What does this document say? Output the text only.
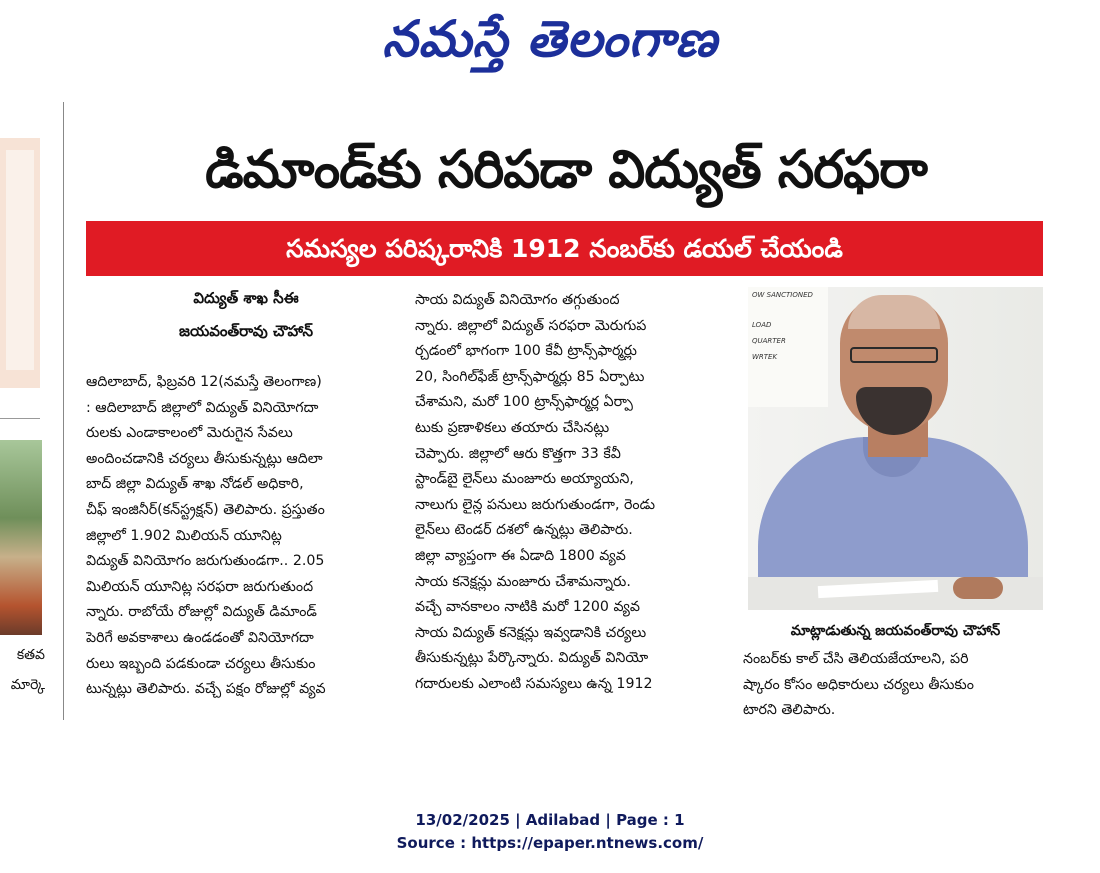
నమస్తే తెలంగాణ
కతవ
మార్కె
డిమాండ్‌కు సరిపడా విద్యుత్ సరఫరా
సమస్యల పరిష్కరానికి 1912 నంబర్‌కు డయల్ చేయండి
విద్యుత్ శాఖ సీఈ
జయవంత్‌రావు చౌహాన్
ఆదిలాబాద్, ఫిబ్రవరి 12(నమస్తే తెలంగాణ)
: ఆదిలాబాద్ జిల్లాలో విద్యుత్ వినియోగదా
రులకు ఎండాకాలంలో మెరుగైన సేవలు
అందించడానికి చర్యలు తీసుకున్నట్లు ఆదిలా
బాద్ జిల్లా విద్యుత్ శాఖ నోడల్ అధికారి,
చీఫ్ ఇంజినీర్(కన్‌స్ట్రక్షన్) తెలిపారు. ప్రస్తుతం
జిల్లాలో 1.902 మిలియన్ యూనిట్ల
విద్యుత్ వినియోగం జరుగుతుండగా.. 2.05
మిలియన్ యూనిట్ల సరఫరా జరుగుతుంద
న్నారు. రాబోయే రోజుల్లో విద్యుత్ డిమాండ్
పెరిగే అవకాశాలు ఉండడంతో వినియోగదా
రులు ఇబ్బంది పడకుండా చర్యలు తీసుకుం
టున్నట్లు తెలిపారు. వచ్చే పక్షం రోజుల్లో వ్యవ
సాయ విద్యుత్ వినియోగం తగ్గుతుంద
న్నారు. జిల్లాలో విద్యుత్ సరఫరా మెరుగుప
ర్చడంలో భాగంగా 100 కేవీ ట్రాన్స్‌ఫార్మర్లు
20, సింగిల్‌ఫేజ్ ట్రాన్స్‌ఫార్మర్లు 85 ఏర్పాటు
చేశామని, మరో 100 ట్రాన్స్‌ఫార్మర్ల ఏర్పా
టుకు ప్రణాళికలు తయారు చేసినట్లు
చెప్పారు. జిల్లాలో ఆరు కొత్తగా 33 కేవీ
స్టాండ్‌బై లైన్‌లు మంజూరు అయ్యాయని,
నాలుగు లైన్ల పనులు జరుగుతుండగా, రెండు
లైన్‌లు టెండర్ దశలో ఉన్నట్లు తెలిపారు.
జిల్లా వ్యాప్తంగా ఈ ఏడాది 1800 వ్యవ
సాయ కనెక్షన్లు మంజూరు చేశామన్నారు.
వచ్చే వానకాలం నాటికి మరో 1200 వ్యవ
సాయ విద్యుత్ కనెక్షన్లు ఇవ్వడానికి చర్యలు
తీసుకున్నట్లు పేర్కొన్నారు. విద్యుత్ వినియో
గదారులకు ఎలాంటి సమస్యలు ఉన్న 1912
OW SANCTIONED
LOAD
QUARTER
WRTEK
మాట్లాడుతున్న జయవంత్‌రావు చౌహాన్
నంబర్‌కు కాల్ చేసి తెలియజేయాలని, పరి
ష్కారం కోసం అధికారులు చర్యలు తీసుకుం
టారని తెలిపారు.
13/02/2025 | Adilabad | Page : 1
Source : https://epaper.ntnews.com/
